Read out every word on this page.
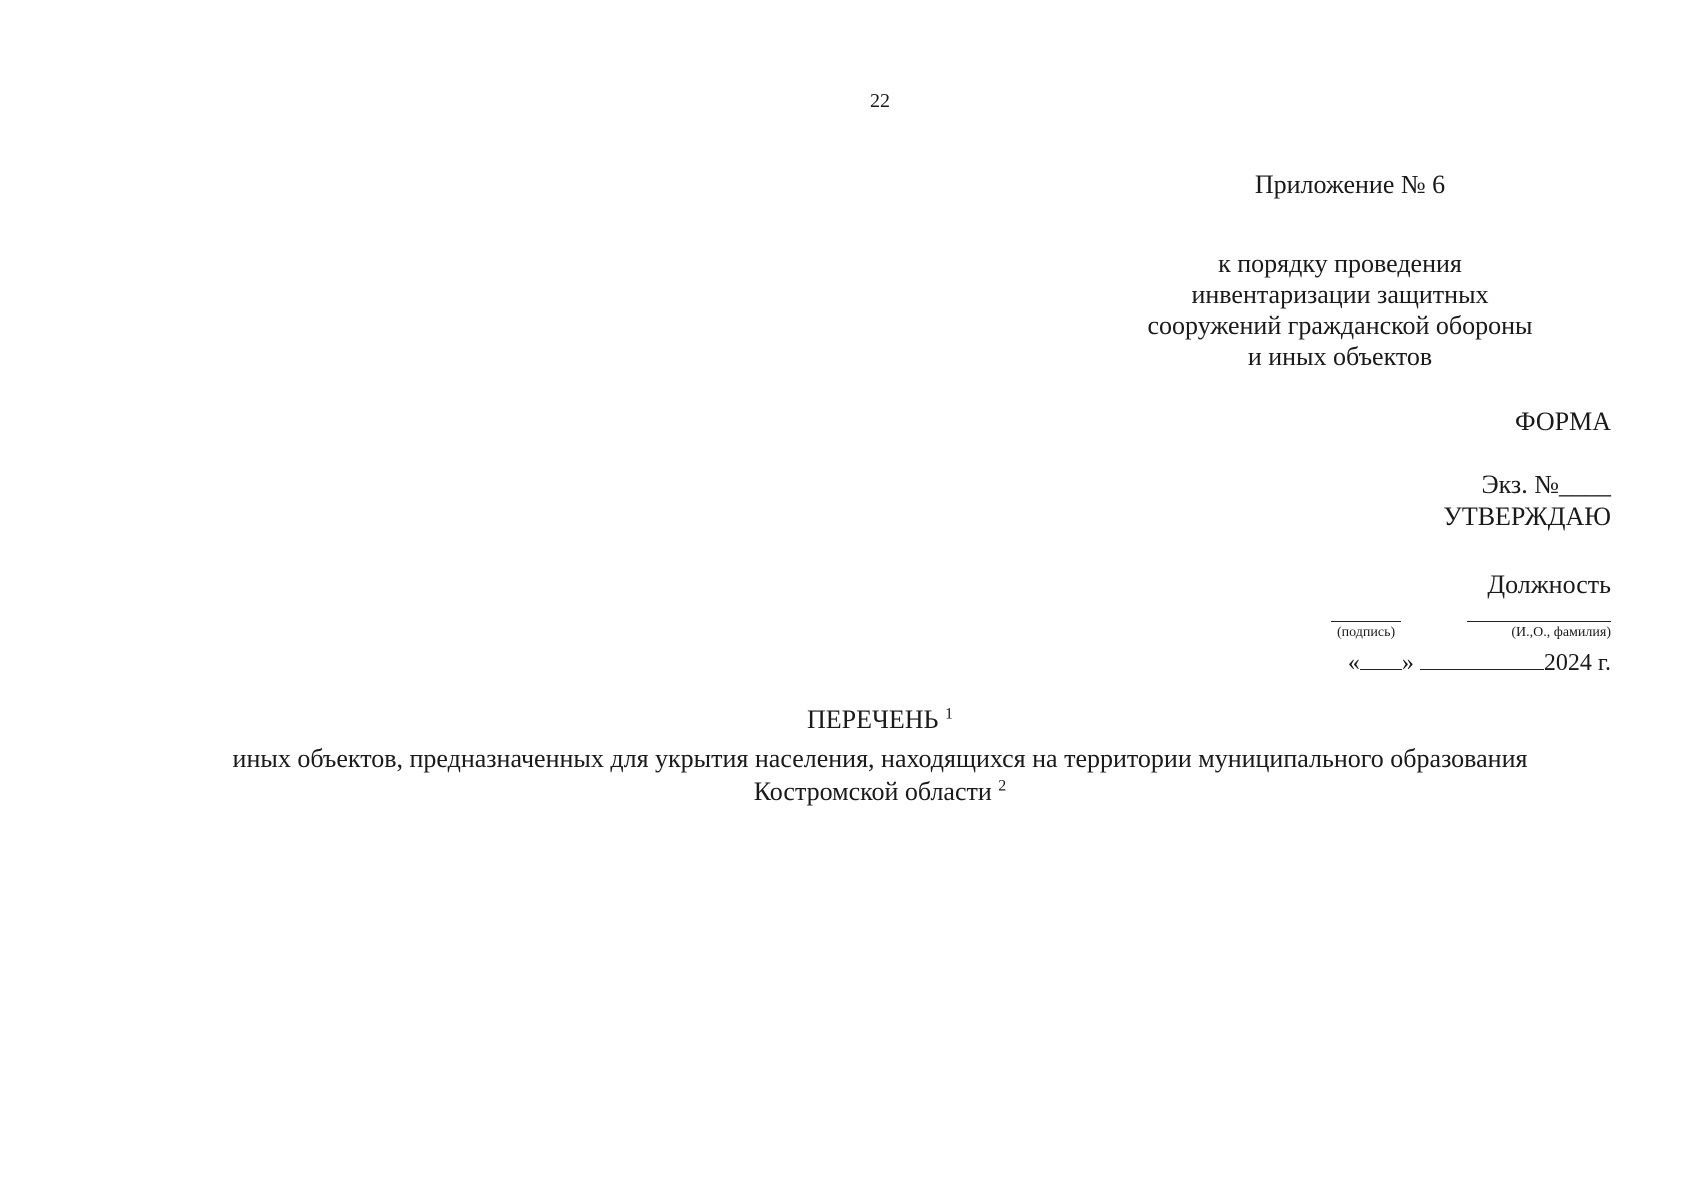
22
Приложение № 6
к порядку проведения
инвентаризации защитных
сооружений гражданской обороны
и иных объектов
ФОРМА
Экз. №____
УТВЕРЖДАЮ
Должность
(подпись)	(И.,О., фамилия)
« »	2024 г.
ПЕРЕЧЕНЬ $^1$
иных объектов, предназначенных для укрытия населения, находящихся на территории муниципального образования
Костромской области $^2$
